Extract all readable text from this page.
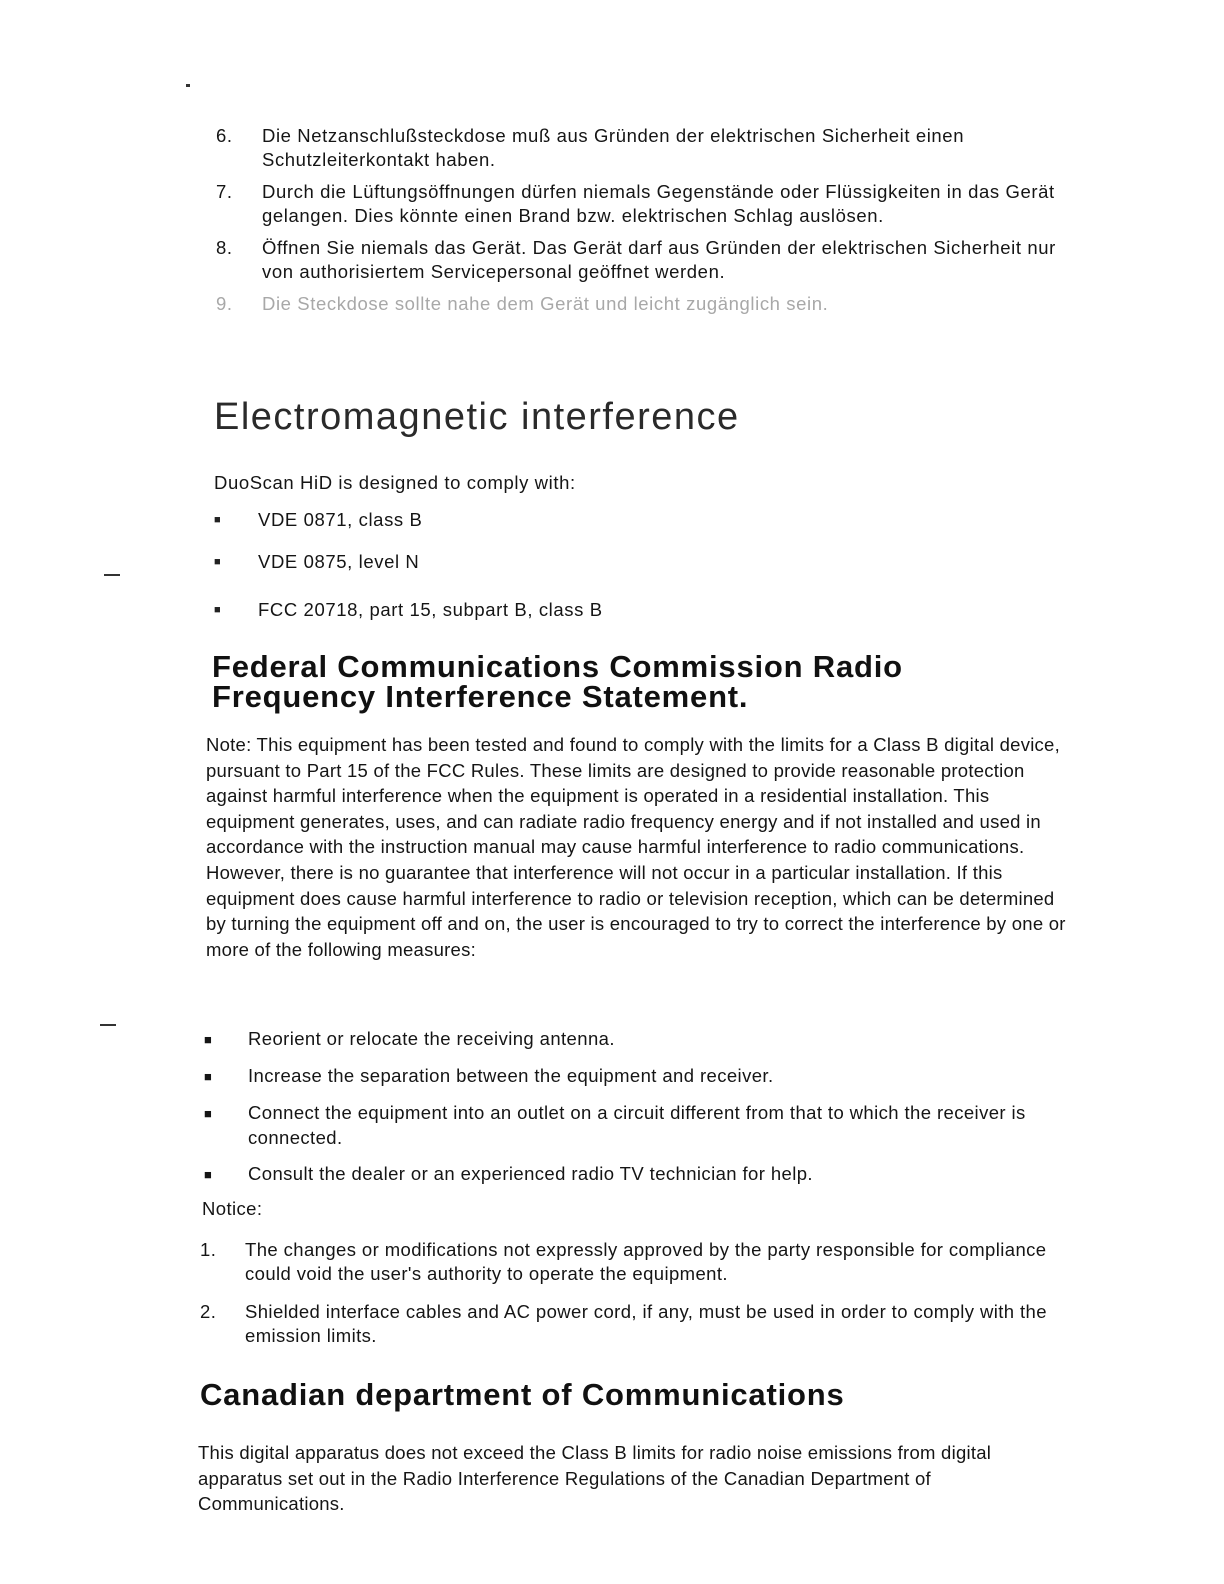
6.	Die Netzanschlußsteckdose muß aus Gründen der elektrischen Sicherheit einen Schutzleiterkontakt haben.
7.	Durch die Lüftungsöffnungen dürfen niemals Gegenstände oder Flüssigkeiten in das Gerät gelangen. Dies könnte einen Brand bzw. elektrischen Schlag auslösen.
8.	Öffnen Sie niemals das Gerät. Das Gerät darf aus Gründen der elektrischen Sicherheit nur von authorisiertem Servicepersonal geöffnet werden.
9.	Die Steckdose sollte nahe dem Gerät und leicht zugänglich sein.
Electromagnetic interference

DuoScan HiD is designed to comply with:

■	VDE 0871, class B
■	VDE 0875, level N
■	FCC 20718, part 15, subpart B, class B
Federal Communications Commission Radio Frequency Interference Statement.

Note: This equipment has been tested and found to comply with the limits for a Class B digital device, pursuant to Part 15 of the FCC Rules. These limits are designed to provide reasonable protection against harmful interference when the equipment is operated in a residential installation. This equipment generates, uses, and can radiate radio frequency energy and if not installed and used in accordance with the instruction manual may cause harmful interference to radio communications. However, there is no guarantee that interference will not occur in a particular installation. If this equipment does cause harmful interference to radio or television reception, which can be determined by turning the equipment off and on, the user is encouraged to try to correct the interference by one or more of the following measures:

■	Reorient or relocate the receiving antenna.
■	Increase the separation between the equipment and receiver.
■	Connect the equipment into an outlet on a circuit different from that to which the receiver is connected.
■	Consult the dealer or an experienced radio TV technician for help.

Notice:

1.	The changes or modifications not expressly approved by the party responsible for compliance could void the user's authority to operate the equipment.
2.	Shielded interface cables and AC power cord, if any, must be used in order to comply with the emission limits.
Canadian department of Communications

This digital apparatus does not exceed the Class B limits for radio noise emissions from digital apparatus set out in the Radio Interference Regulations of the Canadian Department of Communications.
